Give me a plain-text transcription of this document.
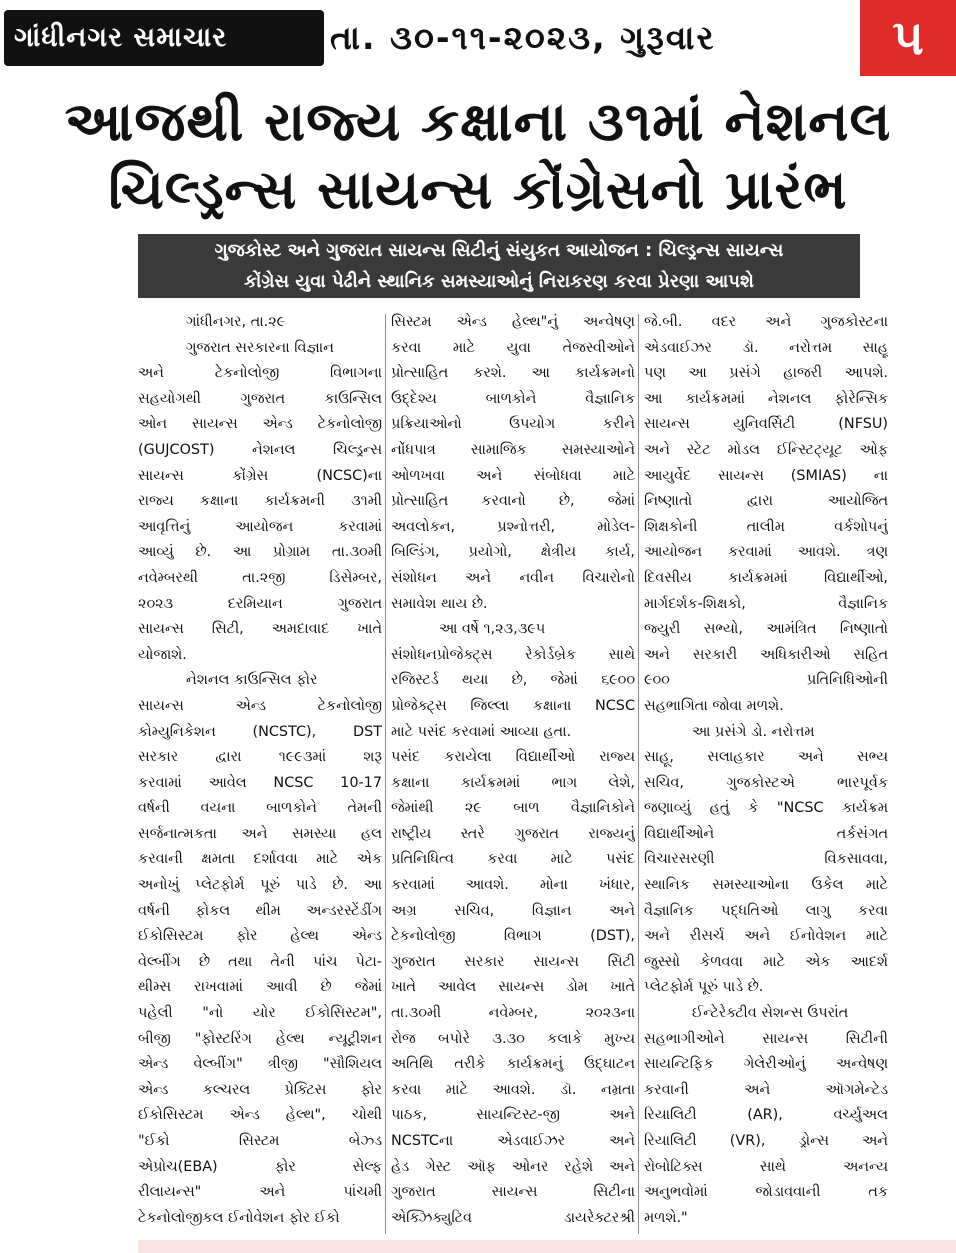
ગાંધીનગર સમાચાર	તા. ૩૦-૧૧-૨૦૨૩, ગુરૂવાર	૫
આજથી રાજ્ય કક્ષાના ૩૧માં નેશનલ
ચિલ્ડ્રન્સ સાયન્સ કોંગ્રેસનો પ્રારંભ
ગુજકોસ્ટ અને ગુજરાત સાયન્સ સિટીનું સંયુકત આયોજન : ચિલ્ડ્રન્સ સાયન્સ
કોંગ્રેસ યુવા પેઢીને સ્થાનિક સમસ્યાઓનું નિરાકરણ કરવા પ્રેરણા આપશે
ગાંધીનગર, તા.૨૯
ગુજરાત સરકારના વિજ્ઞાન
અને ટેકનોલોજી વિભાગના
સહયોગથી ગુજરાત કાઉન્સિલ
ઓન સાયન્સ એન્ડ ટેકનોલોજી
(GUJCOST) નેશનલ ચિલ્ડ્રન્સ
સાયન્સ કોંગ્રેસ (NCSC)ના
રાજ્ય કક્ષાના કાર્યક્રમની ૩૧મી
આવૃત્તિનું આયોજન કરવામાં
આવ્યું છે. આ પ્રોગ્રામ તા.૩૦મી
નવેમ્બરથી તા.૨જી ડિસેમ્બર,
૨૦૨૩ દરમિયાન ગુજરાત
સાયન્સ સિટી, અમદાવાદ ખાતે
યોજાશે.
નેશનલ કાઉન્સિલ ફોર
સાયન્સ એન્ડ ટેકનોલોજી
કોમ્યુનિકેશન (NCSTC), DST
સરકાર દ્વારા ૧૯૯૩માં શરૂ
કરવામાં આવેલ NCSC 10-17
વર્ષની વયના બાળકોને તેમની
સર્જનાત્મકતા અને સમસ્યા હલ
કરવાની ક્ષમતા દર્શાવવા માટે એક
અનોખું પ્લેટફોર્મ પૂરું પાડે છે. આ
વર્ષની ફોકલ થીમ અન્ડરસ્ટેંડીંગ
ઈકોસિસ્ટમ ફોર હેલ્થ એન્ડ
વેલ્બીંગ છે તથા તેની પાંચ પેટા-
થીમ્સ રાખવામાં આવી છે જેમાં
પહેલી "નો યોર ઈકોસિસ્ટમ",
બીજી "ફોસ્ટરિંગ હેલ્થ ન્યૂટ્રીશન
એન્ડ વેલ્બીંગ" ત્રીજી "સૌશિયલ
એન્ડ કલ્ચરલ પ્રેક્ટિસ ફોર
ઈકોસિસ્ટમ એન્ડ હેલ્થ", ચોથી
"ઈકો સિસ્ટમ બેઝ્ડ
એપ્રોચ(EBA) ફોર સેલ્ફ
રીલાયન્સ" અને પાંચમી
ટેકનોલોજીકલ ઈનોવેશન ફોર ઈકો
સિસ્ટમ એન્ડ હેલ્થ"નું અન્વેષણ
કરવા માટે યુવા તેજસ્વીઓને
પ્રોત્સાહિત કરશે. આ કાર્યક્રમનો
ઉદ્દેશ્ય બાળકોને વૈજ્ઞાનિક
પ્રક્રિયાઓનો ઉપયોગ કરીને
નોંધપાત્ર સામાજિક સમસ્યાઓને
ઓળખવા અને સંબોધવા માટે
પ્રોત્સાહિત કરવાનો છે, જેમાં
અવલોકન, પ્રશ્નોત્તરી, મોડેલ-
બિલ્ડિંગ, પ્રયોગો, ક્ષેત્રીય કાર્ય,
સંશોધન અને નવીન વિચારોનો
સમાવેશ થાય છે.
આ વર્ષે ૧,૨૩,૩૯૫
સંશોધનપ્રોજેક્ટ્સ રેકોર્ડબ્રેક સાથે
રજિસ્ટર્ડ થયા છે, જેમાં ૬૯૦૦
પ્રોજેક્ટ્સ જિલ્લા કક્ષાના NCSC
માટે પસંદ કરવામાં આવ્યા હતા.
પસંદ કરાયેલા વિદ્યાર્થીઓ રાજ્ય
કક્ષાના કાર્યક્રમમાં ભાગ લેશે,
જેમાંથી ૨૯ બાળ વૈજ્ઞાનિકોને
રાષ્ટ્રીય સ્તરે ગુજરાત રાજ્યનું
પ્રતિનિધિત્વ કરવા માટે પસંદ
કરવામાં આવશે. મોના ખંધાર,
અગ્ર સચિવ, વિજ્ઞાન અને
ટેકનોલોજી વિભાગ (DST),
ગુજરાત સરકાર સાયન્સ સિટી
ખાતે આવેલ સાયન્સ ડોમ ખાતે
તા.૩૦મી નવેમ્બર, ૨૦૨૩ના
રોજ બપોરે ૩.૩૦ કલાકે મુખ્ય
અતિથિ તરીકે કાર્યક્રમનું ઉદ્ઘાટન
કરવા માટે આવશે. ડૉ. નમ્રતા
પાઠક, સાયન્ટિસ્ટ-જી અને
NCSTCના એડવાઈઝર અને
હેડ ગેસ્ટ ઑફ ઓનર રહેશે અને
ગુજરાત સાયન્સ સિટીના
એક્ઝિક્યુટિવ ડાયરેક્ટરશ્રી
જે.બી. વદર અને ગુજકોસ્ટના
એડવાઈઝર ડૉ. નરોત્તમ સાહૂ
પણ આ પ્રસંગે હાજરી આપશે.
આ કાર્યક્રમમાં નેશનલ ફોરેન્સિક
સાયન્સ યુનિવર્સિટી (NFSU)
અને સ્ટેટ મોડલ ઈન્સ્ટિટ્યૂટ ઓફ
આયુર્વેદ સાયન્સ (SMIAS) ના
નિષ્ણાતો દ્વારા આયોજિત
શિક્ષકોની તાલીમ વર્કશોપનું
આયોજન કરવામાં આવશે. ત્રણ
દિવસીય કાર્યક્રમમાં વિદ્યાર્થીઓ,
માર્ગદર્શક-શિક્ષકો, વૈજ્ઞાનિક
જ્યુરી સભ્યો, આમંત્રિત નિષ્ણાતો
અને સરકારી અધિકારીઓ સહિત
૯૦૦ પ્રતિનિધિઓની
સહભાગિતા જોવા મળશે.
આ પ્રસંગે ડો. નરોત્તમ
સાહૂ, સલાહકાર અને સભ્ય
સચિવ, ગુજકોસ્ટએ ભારપૂર્વક
જણાવ્યું હતું કે "NCSC કાર્યક્રમ
વિદ્યાર્થીઓને તર્કસંગત
વિચારસરણી વિકસાવવા,
સ્થાનિક સમસ્યાઓના ઉકેલ માટે
વૈજ્ઞાનિક પદ્ધતિઓ લાગુ કરવા
અને રીસર્ચ અને ઈનોવેશન માટે
જુસ્સો કેળવવા માટે એક આદર્શ
પ્લેટફોર્મ પૂરું પાડે છે.
ઈન્ટેરેક્ટીવ સેશન્સ ઉપરાંત
સહભાગીઓને સાયન્સ સિટીની
સાયન્ટિફિક ગેલેરીઓનું અન્વેષણ
કરવાની અને ઑગમેન્ટેડ
રિયાલિટી (AR), વર્ચ્યુઅલ
રિયાલિટી (VR), ડ્રોન્સ અને
રોબોટિક્સ સાથે અનન્ય
અનુભવોમાં જોડાવવાની તક
મળશે."
